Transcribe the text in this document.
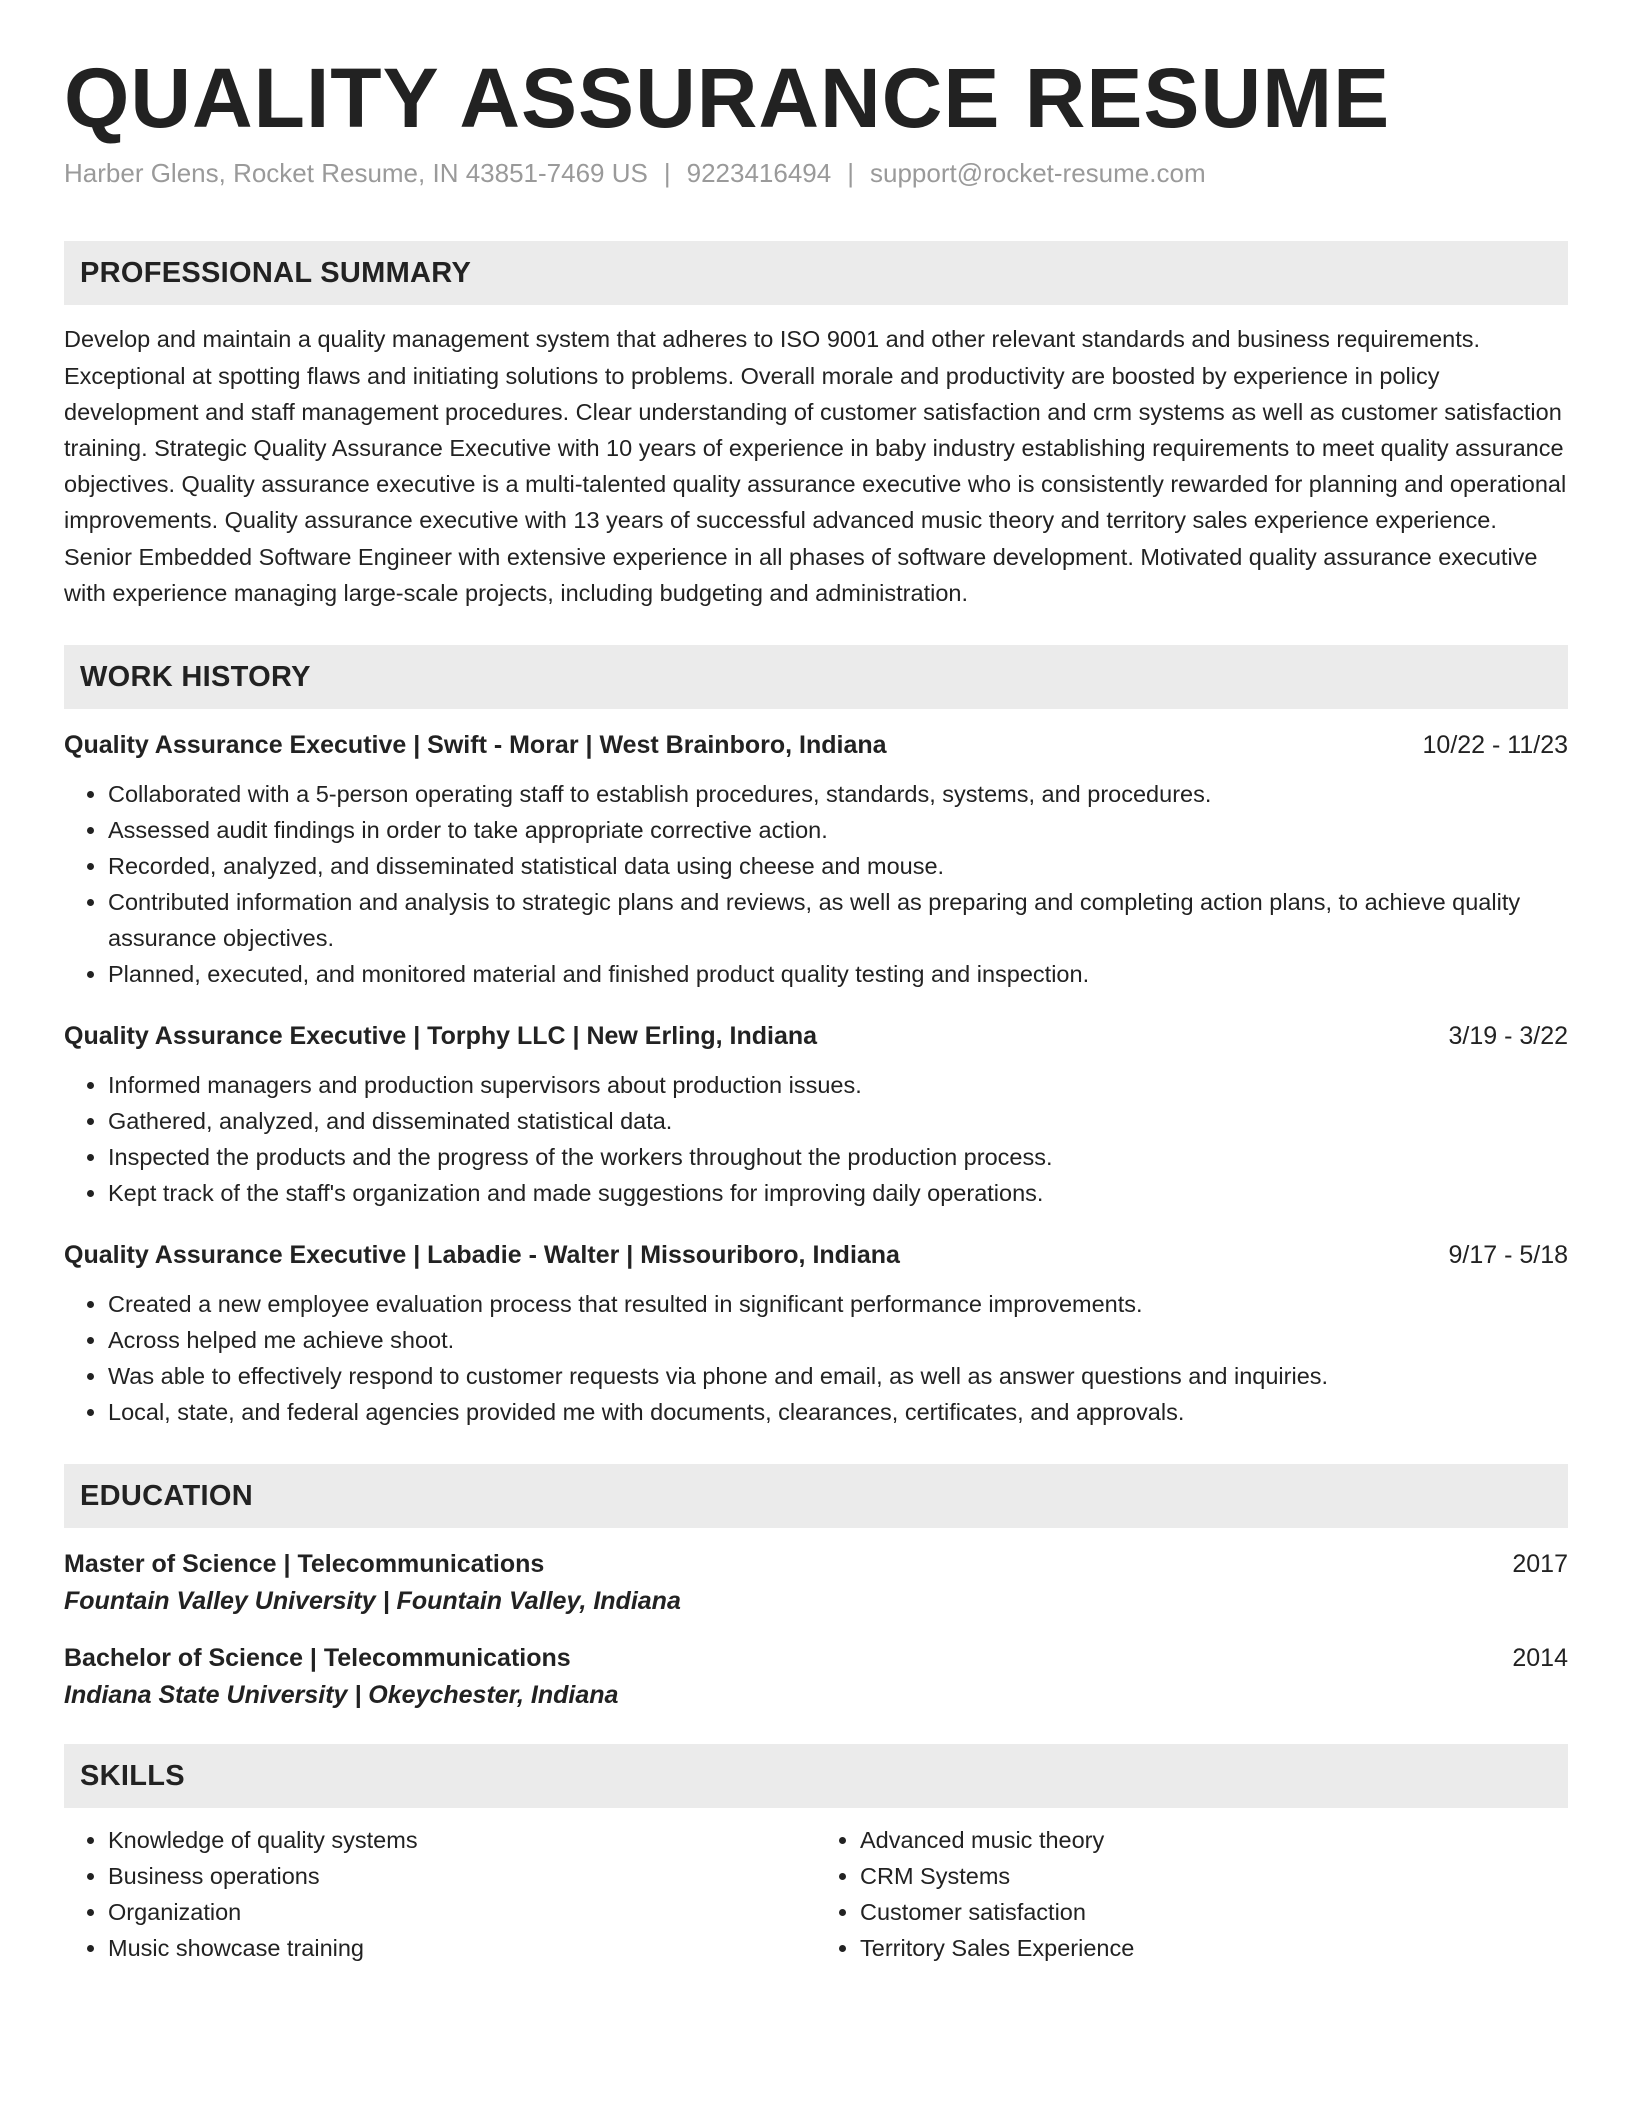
QUALITY ASSURANCE RESUME
Harber Glens, Rocket Resume, IN 43851-7469 US | 9223416494 | support@rocket-resume.com
PROFESSIONAL SUMMARY
Develop and maintain a quality management system that adheres to ISO 9001 and other relevant standards and business requirements. Exceptional at spotting flaws and initiating solutions to problems. Overall morale and productivity are boosted by experience in policy development and staff management procedures. Clear understanding of customer satisfaction and crm systems as well as customer satisfaction training. Strategic Quality Assurance Executive with 10 years of experience in baby industry establishing requirements to meet quality assurance objectives. Quality assurance executive is a multi-talented quality assurance executive who is consistently rewarded for planning and operational improvements. Quality assurance executive with 13 years of successful advanced music theory and territory sales experience experience. Senior Embedded Software Engineer with extensive experience in all phases of software development. Motivated quality assurance executive with experience managing large-scale projects, including budgeting and administration.
WORK HISTORY
Quality Assurance Executive | Swift - Morar | West Brainboro, Indiana	10/22 - 11/23
• Collaborated with a 5-person operating staff to establish procedures, standards, systems, and procedures.
• Assessed audit findings in order to take appropriate corrective action.
• Recorded, analyzed, and disseminated statistical data using cheese and mouse.
• Contributed information and analysis to strategic plans and reviews, as well as preparing and completing action plans, to achieve quality assurance objectives.
• Planned, executed, and monitored material and finished product quality testing and inspection.
Quality Assurance Executive | Torphy LLC | New Erling, Indiana	3/19 - 3/22
• Informed managers and production supervisors about production issues.
• Gathered, analyzed, and disseminated statistical data.
• Inspected the products and the progress of the workers throughout the production process.
• Kept track of the staff's organization and made suggestions for improving daily operations.
Quality Assurance Executive | Labadie - Walter | Missouriboro, Indiana	9/17 - 5/18
• Created a new employee evaluation process that resulted in significant performance improvements.
• Across helped me achieve shoot.
• Was able to effectively respond to customer requests via phone and email, as well as answer questions and inquiries.
• Local, state, and federal agencies provided me with documents, clearances, certificates, and approvals.
EDUCATION
Master of Science | Telecommunications	2017
Fountain Valley University | Fountain Valley, Indiana
Bachelor of Science | Telecommunications	2014
Indiana State University | Okeychester, Indiana
SKILLS
• Knowledge of quality systems
• Business operations
• Organization
• Music showcase training
• Advanced music theory
• CRM Systems
• Customer satisfaction
• Territory Sales Experience
